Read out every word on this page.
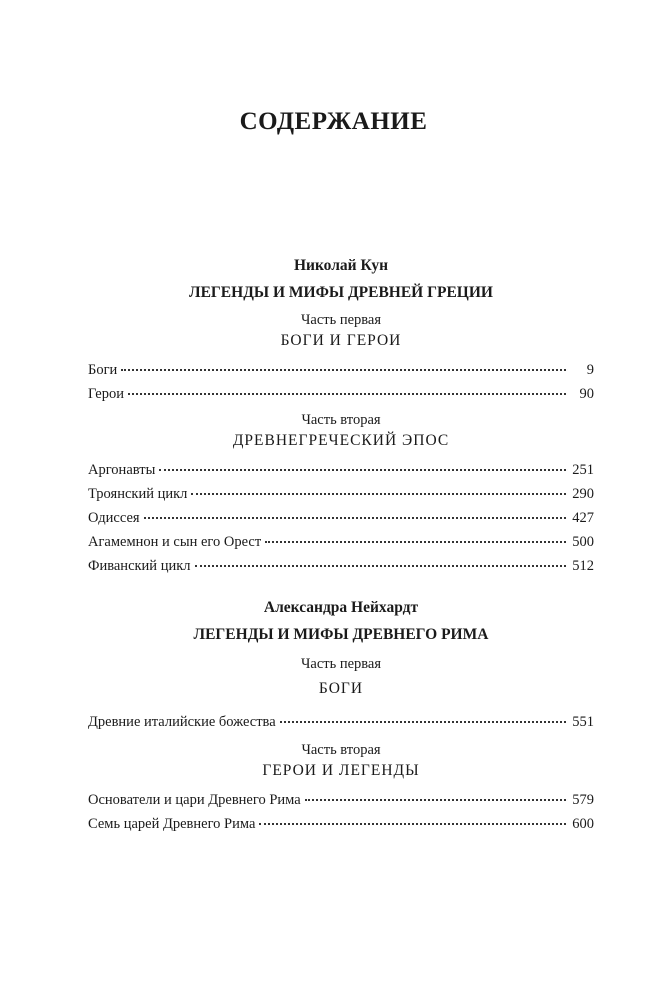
СОДЕРЖАНИЕ
Николай Кун
ЛЕГЕНДЫ И МИФЫ ДРЕВНЕЙ ГРЕЦИИ
Часть первая
БОГИ И ГЕРОИ
Боги	9
Герои	90
Часть вторая
ДРЕВНЕГРЕЧЕСКИЙ ЭПОС
Аргонавты	251
Троянский цикл	290
Одиссея	427
Агамемнон и сын его Орест	500
Фиванский цикл	512
Александра Нейхардт
ЛЕГЕНДЫ И МИФЫ ДРЕВНЕГО РИМА
Часть первая
БОГИ
Древние италийские божества	551
Часть вторая
ГЕРОИ И ЛЕГЕНДЫ
Основатели и цари Древнего Рима	579
Семь царей Древнего Рима	600
